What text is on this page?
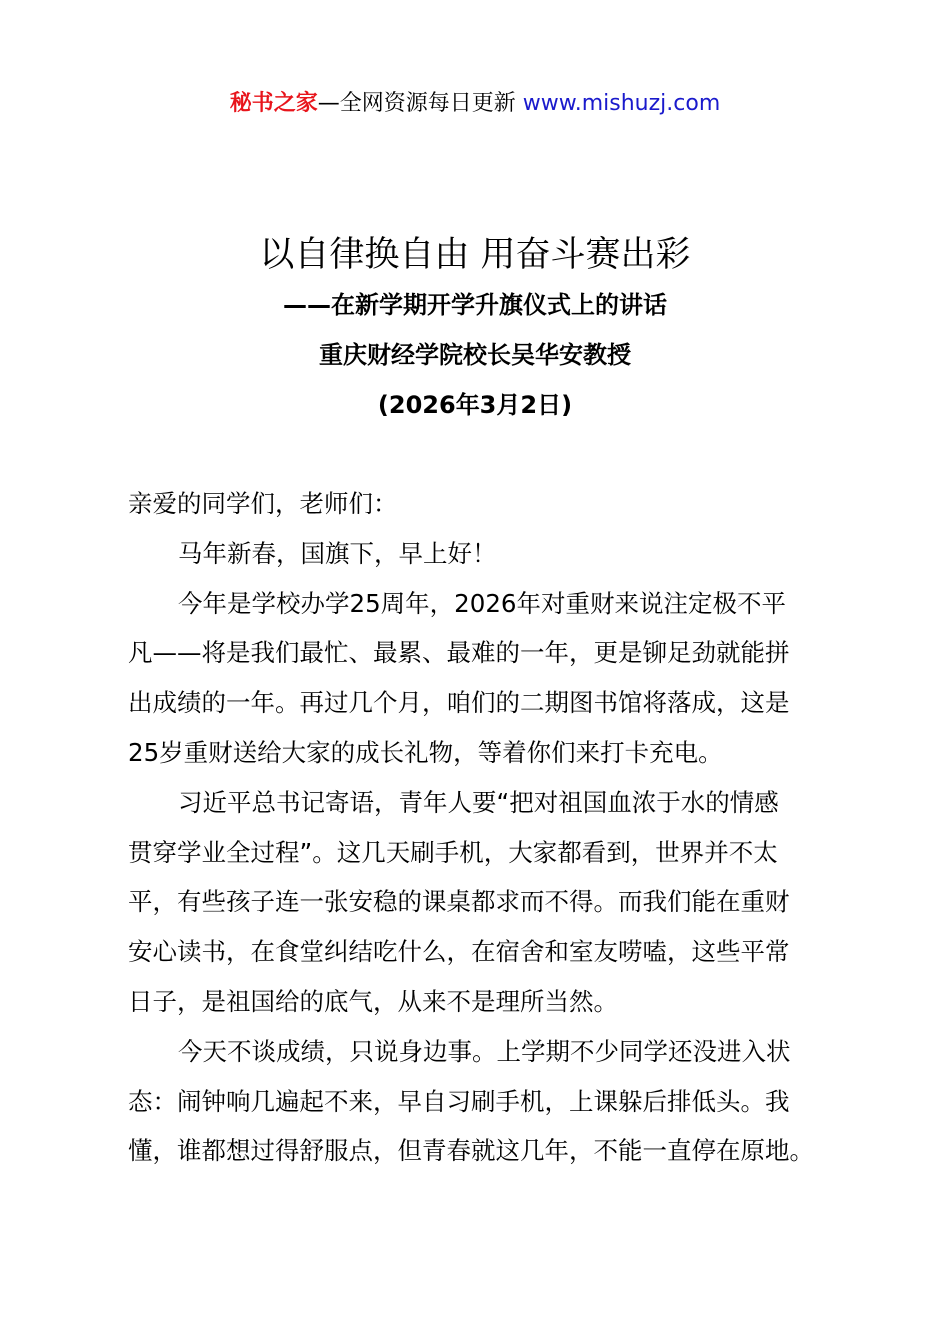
秘书之家—全网资源每日更新 www.mishuzj.com
以自律换自由 用奋斗赛出彩
——在新学期开学升旗仪式上的讲话
重庆财经学院校长吴华安教授
(2026年3月2日)
亲爱的同学们，老师们：
马年新春，国旗下，早上好！
今年是学校办学25周年，2026年对重财来说注定极不平
凡——将是我们最忙、最累、最难的一年，更是铆足劲就能拼
出成绩的一年。再过几个月，咱们的二期图书馆将落成，这是
25岁重财送给大家的成长礼物，等着你们来打卡充电。
习近平总书记寄语，青年人要“把对祖国血浓于水的情感
贯穿学业全过程”。这几天刷手机，大家都看到，世界并不太
平，有些孩子连一张安稳的课桌都求而不得。而我们能在重财
安心读书，在食堂纠结吃什么，在宿舍和室友唠嗑，这些平常
日子，是祖国给的底气，从来不是理所当然。
今天不谈成绩，只说身边事。上学期不少同学还没进入状
态：闹钟响几遍起不来，早自习刷手机，上课躲后排低头。我
懂，谁都想过得舒服点，但青春就这几年，不能一直停在原地。
